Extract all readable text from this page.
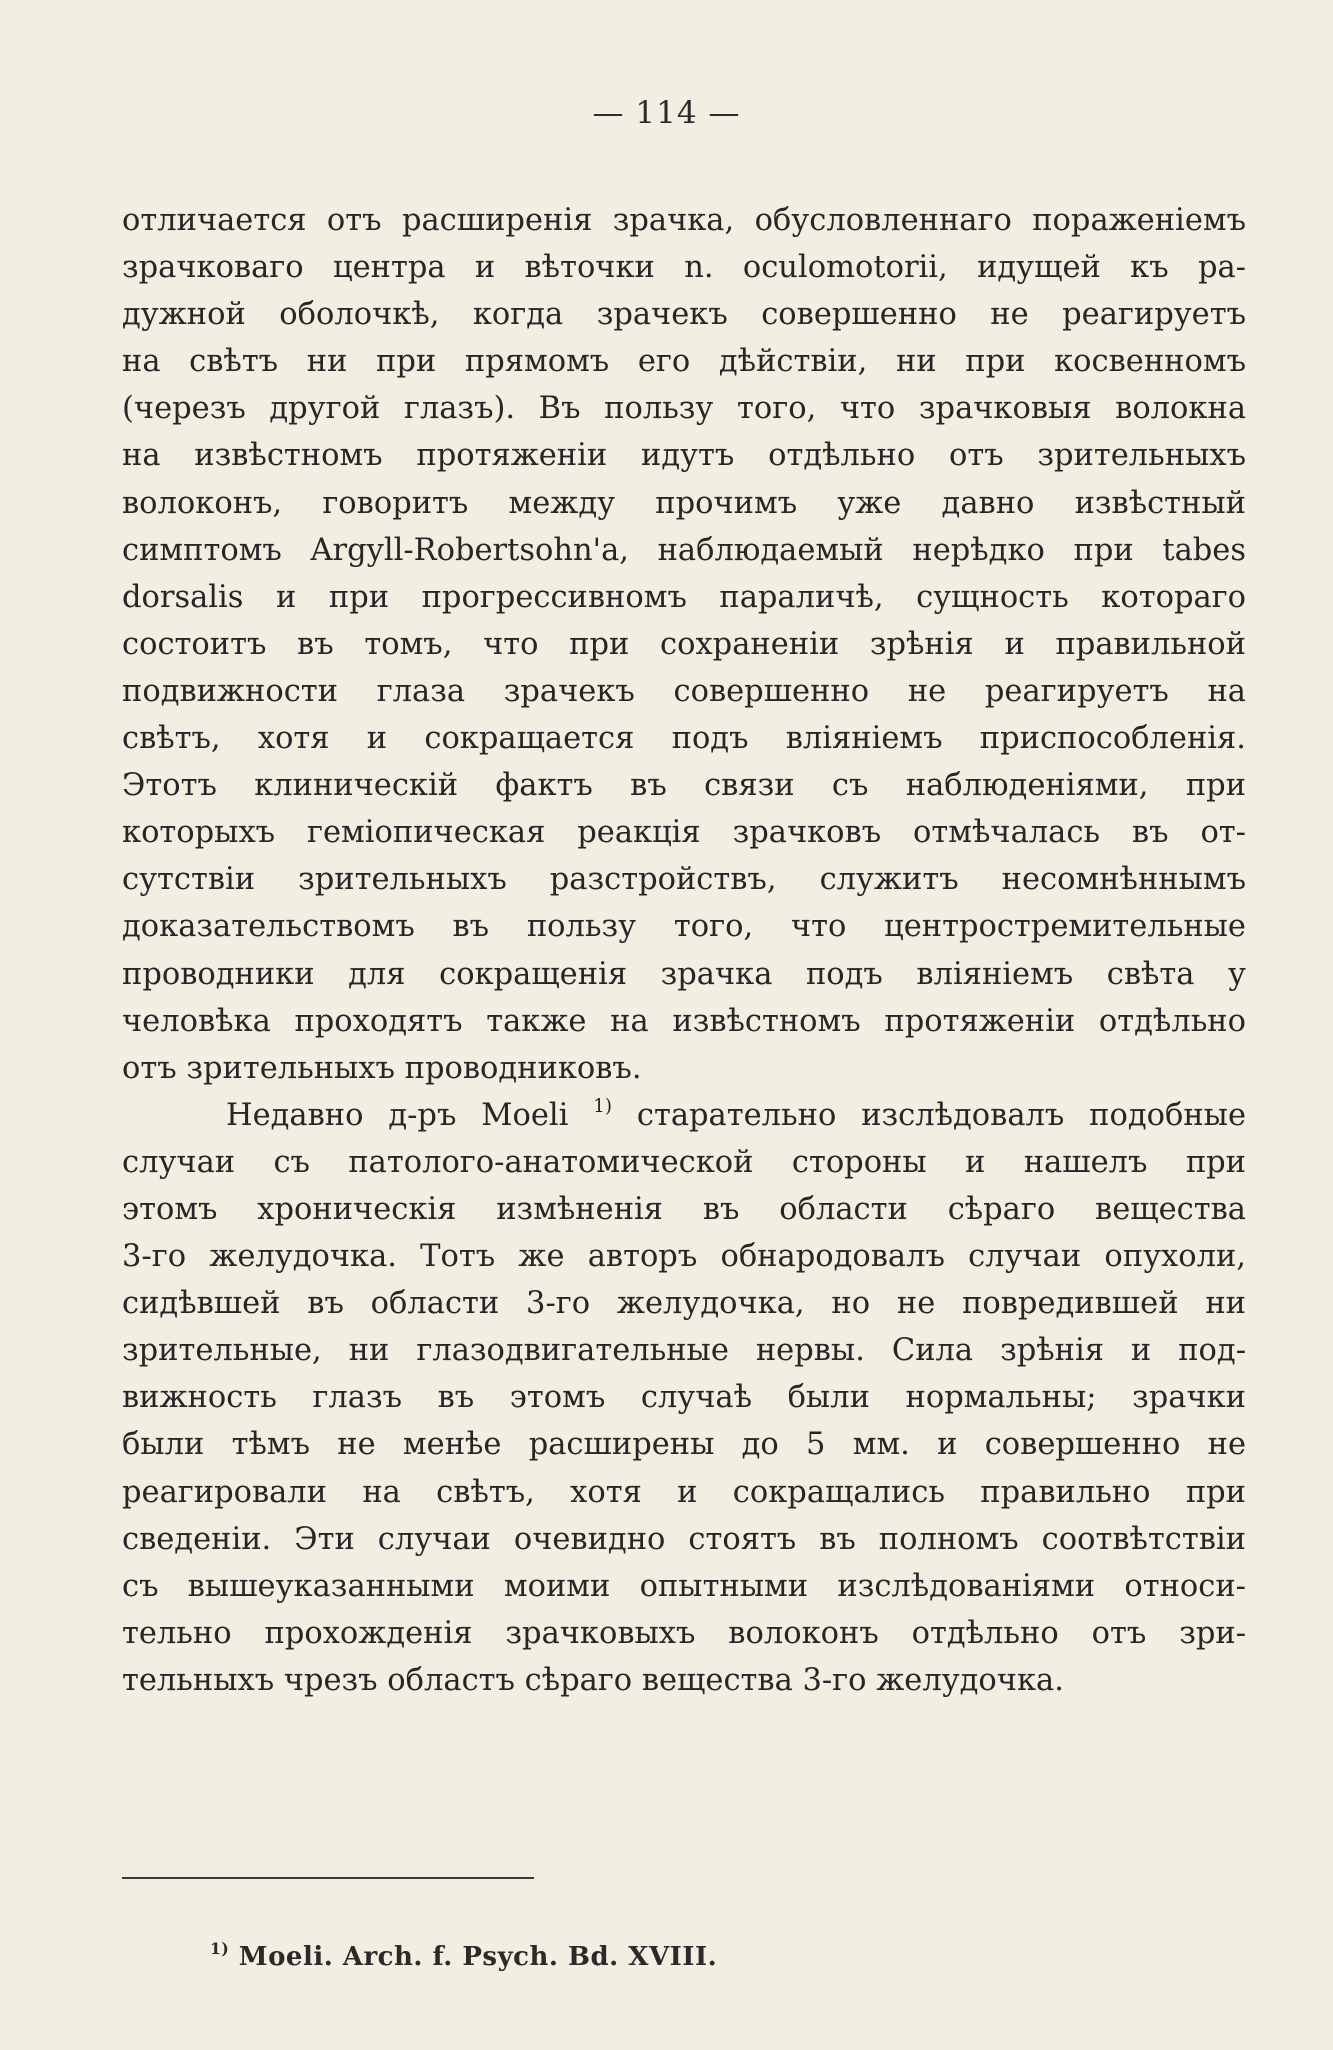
— 114 —
отличается отъ расширенія зрачка, обусловленнаго пораженіемъ
зрачковаго центра и вѣточки n. oculomotorii, идущей къ ра-
дужной оболочкѣ, когда зрачекъ совершенно не реагируетъ
на свѣтъ ни при прямомъ его дѣйствіи, ни при косвенномъ
(черезъ другой глазъ). Въ пользу того, что зрачковыя волокна
на извѣстномъ протяженіи идутъ отдѣльно отъ зрительныхъ
волоконъ, говоритъ между прочимъ уже давно извѣстный
симптомъ Argyll-Robertsohn'а, наблюдаемый нерѣдко при tabes
dorsalis и при прогрессивномъ параличѣ, сущность котораго
состоитъ въ томъ, что при сохраненіи зрѣнія и правильной
подвижности глаза зрачекъ совершенно не реагируетъ на
свѣтъ, хотя и сокращается подъ вліяніемъ приспособленія.
Этотъ клиническій фактъ въ связи съ наблюденіями, при
которыхъ геміопическая реакція зрачковъ отмѣчалась въ от-
сутствіи зрительныхъ разстройствъ, служитъ несомнѣннымъ
доказательствомъ въ пользу того, что центростремительные
проводники для сокращенія зрачка подъ вліяніемъ свѣта у
человѣка проходятъ также на извѣстномъ протяженіи отдѣльно
отъ зрительныхъ проводниковъ.
Недавно д-ръ Moeli $^{1)}$ старательно изслѣдовалъ подобные
случаи съ патолого-анатомической стороны и нашелъ при
этомъ хроническія измѣненія въ области сѣраго вещества
3-го желудочка. Тотъ же авторъ обнародовалъ случаи опухоли,
сидѣвшей въ области 3-го желудочка, но не повредившей ни
зрительные, ни глазодвигательные нервы. Сила зрѣнія и под-
вижность глазъ въ этомъ случаѣ были нормальны; зрачки
были тѣмъ не менѣе расширены до 5 мм. и совершенно не
реагировали на свѣтъ, хотя и сокращались правильно при
сведеніи. Эти случаи очевидно стоятъ въ полномъ соотвѣтствіи
съ вышеуказанными моими опытными изслѣдованіями относи-
тельно прохожденія зрачковыхъ волоконъ отдѣльно отъ зри-
тельныхъ чрезъ областъ сѣраго вещества 3-го желудочка.
$^{1)}$ Moeli. Arch. f. Psych. Bd. XVIII.
